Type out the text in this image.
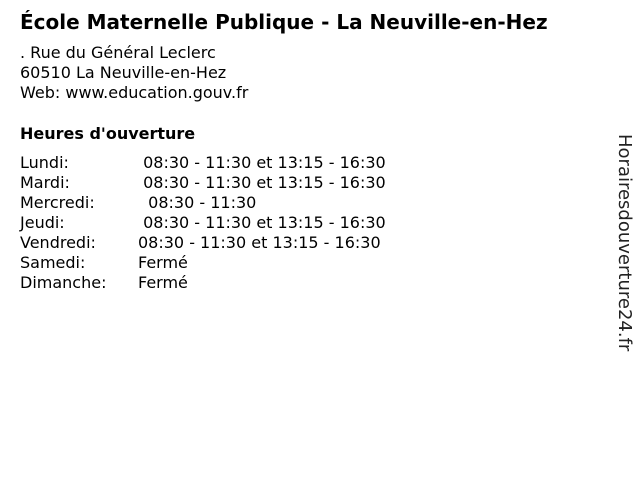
École Maternelle Publique - La Neuville-en-Hez
. Rue du Général Leclerc
60510 La Neuville-en-Hez
Web: www.education.gouv.fr
Heures d'ouverture
Lundi:	08:30 - 11:30 et 13:15 - 16:30
Mardi:	08:30 - 11:30 et 13:15 - 16:30
Mercredi:	08:30 - 11:30
Jeudi:	08:30 - 11:30 et 13:15 - 16:30
Vendredi:	08:30 - 11:30 et 13:15 - 16:30
Samedi:	Fermé
Dimanche:	Fermé	Horairesdouverture24.fr
